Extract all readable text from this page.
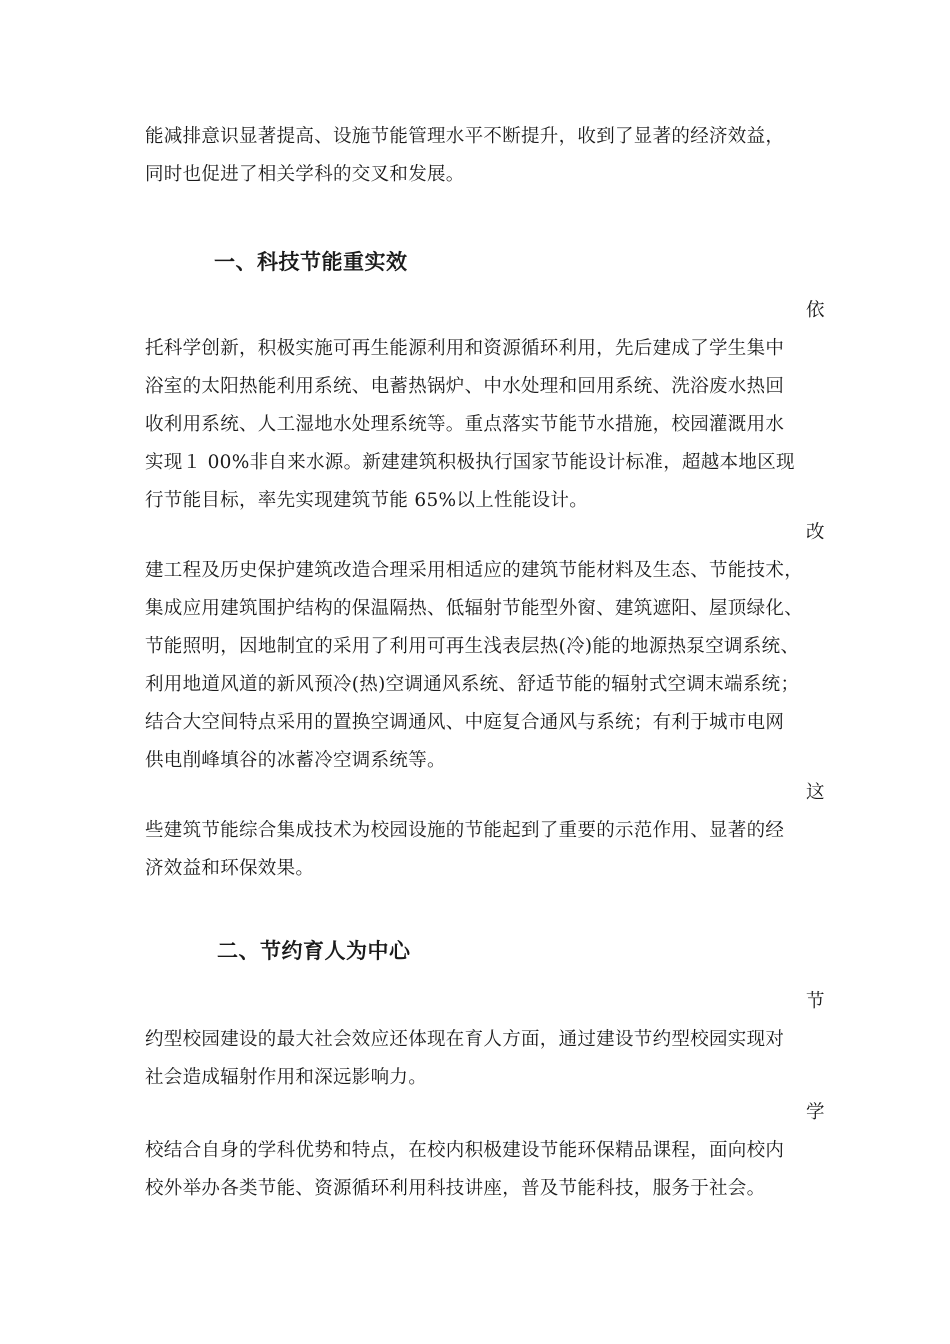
能减排意识显著提高、设施节能管理水平不断提升，收到了显著的经济效益，
同时也促进了相关学科的交叉和发展。
一、科技节能重实效
依
托科学创新，积极实施可再生能源利用和资源循环利用，先后建成了学生集中
浴室的太阳热能利用系统、电蓄热锅炉、中水处理和回用系统、洗浴废水热回
收利用系统、人工湿地水处理系统等。重点落实节能节水措施，校园灌溉用水
实现１ 00%非自来水源。新建建筑积极执行国家节能设计标准，超越本地区现
行节能目标，率先实现建筑节能 65%以上性能设计。
改
建工程及历史保护建筑改造合理采用相适应的建筑节能材料及生态、节能技术，
集成应用建筑围护结构的保温隔热、低辐射节能型外窗、建筑遮阳、屋顶绿化、
节能照明，因地制宜的采用了利用可再生浅表层热(冷)能的地源热泵空调系统、
利用地道风道的新风预冷(热)空调通风系统、舒适节能的辐射式空调末端系统；
结合大空间特点采用的置换空调通风、中庭复合通风与系统；有利于城市电网
供电削峰填谷的冰蓄冷空调系统等。
这
些建筑节能综合集成技术为校园设施的节能起到了重要的示范作用、显著的经
济效益和环保效果。
二、节约育人为中心
节
约型校园建设的最大社会效应还体现在育人方面，通过建设节约型校园实现对
社会造成辐射作用和深远影响力。
学
校结合自身的学科优势和特点，在校内积极建设节能环保精品课程，面向校内
校外举办各类节能、资源循环利用科技讲座，普及节能科技，服务于社会。
